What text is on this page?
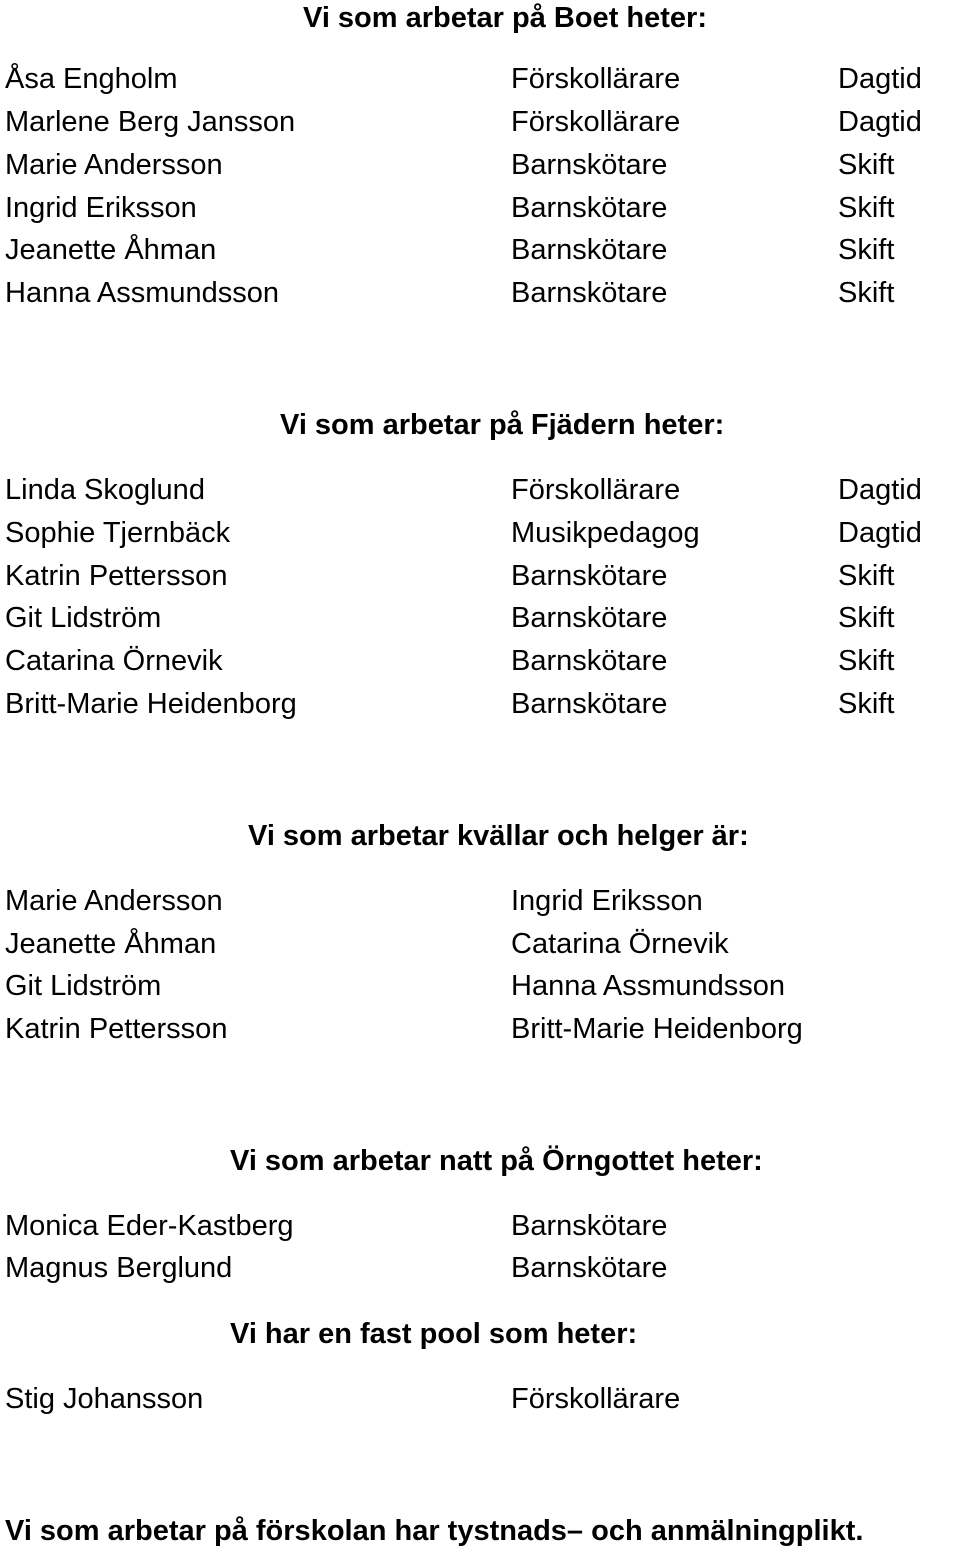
Vi som arbetar på Boet heter:
Åsa Engholm	Förskollärare	Dagtid
Marlene Berg Jansson	Förskollärare	Dagtid
Marie Andersson	Barnskötare	Skift
Ingrid Eriksson	Barnskötare	Skift
Jeanette Åhman	Barnskötare	Skift
Hanna Assmundsson	Barnskötare	Skift
Vi som arbetar på Fjädern heter:
Linda Skoglund	Förskollärare	Dagtid
Sophie Tjernbäck	Musikpedagog	Dagtid
Katrin Pettersson	Barnskötare	Skift
Git Lidström	Barnskötare	Skift
Catarina Örnevik	Barnskötare	Skift
Britt-Marie Heidenborg	Barnskötare	Skift
Vi som arbetar kvällar och helger är:
Marie Andersson	Ingrid Eriksson
Jeanette Åhman	Catarina Örnevik
Git Lidström	Hanna Assmundsson
Katrin Pettersson	Britt-Marie Heidenborg
Vi som arbetar natt på Örngottet heter:
Monica Eder-Kastberg	Barnskötare
Magnus Berglund	Barnskötare
Vi har en fast pool som heter:
Stig Johansson	Förskollärare
Vi som arbetar på förskolan har tystnads– och anmälningplikt.
